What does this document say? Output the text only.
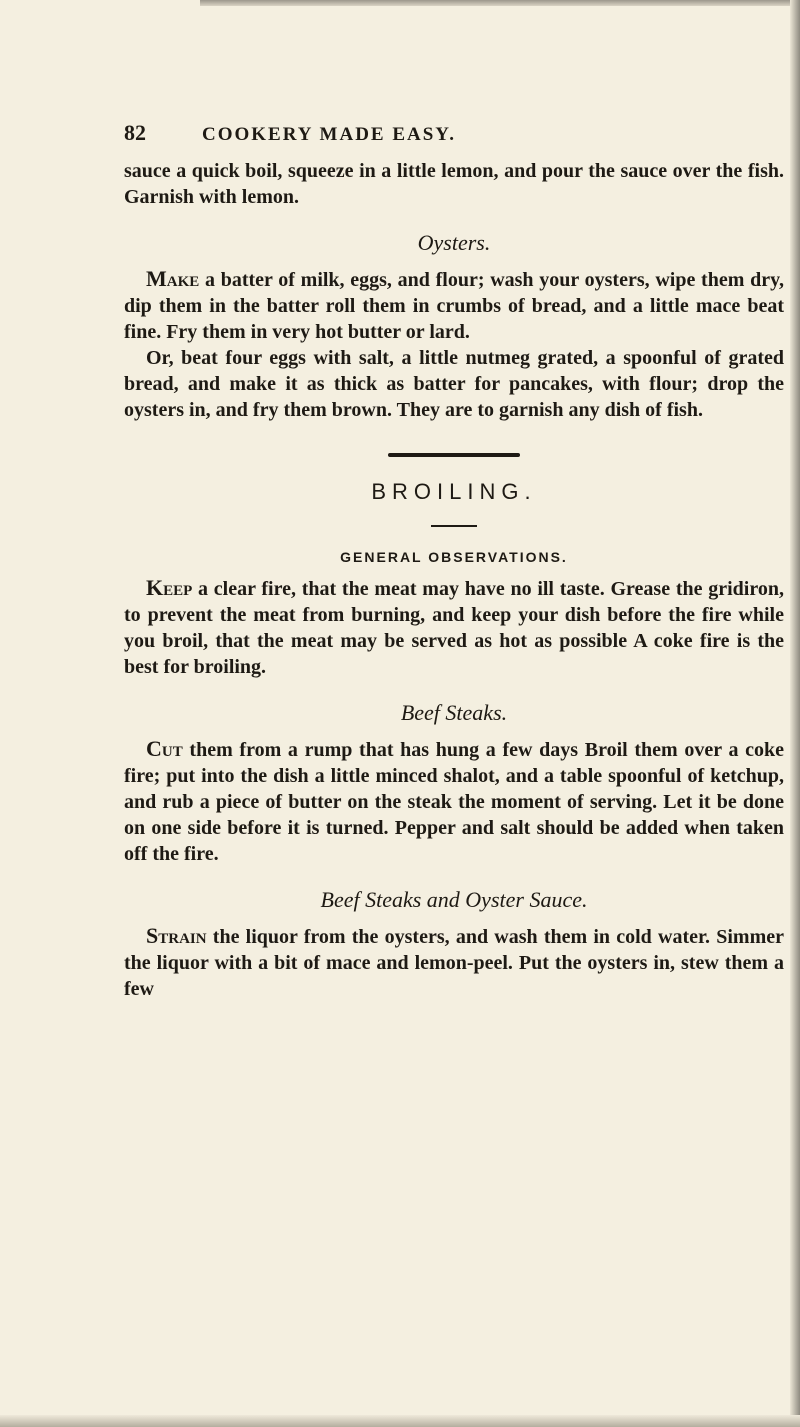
82	COOKERY MADE EASY.

sauce a quick boil, squeeze in a little lemon, and pour the sauce over the fish. Garnish with lemon.

Oysters.

Make a batter of milk, eggs, and flour; wash your oysters, wipe them dry, dip them in the batter roll them in crumbs of bread, and a little mace beat fine. Fry them in very hot butter or lard.

Or, beat four eggs with salt, a little nutmeg grated, a spoonful of grated bread, and make it as thick as batter for pancakes, with flour; drop the oysters in, and fry them brown. They are to garnish any dish of fish.

BROILING.
GENERAL OBSERVATIONS.

Keep a clear fire, that the meat may have no ill taste. Grease the gridiron, to prevent the meat from burning, and keep your dish before the fire while you broil, that the meat may be served as hot as possible A coke fire is the best for broiling.

Beef Steaks.

Cut them from a rump that has hung a few days Broil them over a coke fire; put into the dish a little minced shalot, and a table spoonful of ketchup, and rub a piece of butter on the steak the moment of serving. Let it be done on one side before it is turned. Pepper and salt should be added when taken off the fire.

Beef Steaks and Oyster Sauce.

Strain the liquor from the oysters, and wash them in cold water. Simmer the liquor with a bit of mace and lemon-peel. Put the oysters in, stew them a few
